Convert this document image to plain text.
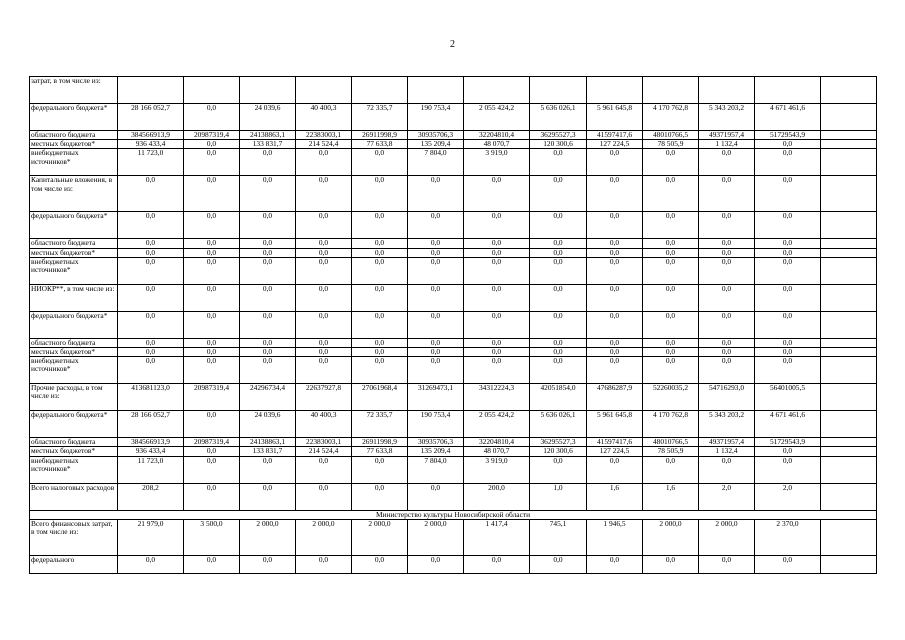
2
затрат, в том числе из:													
федерального бюджета*	28 166 052,7	0,0	24 039,6	40 400,3	72 335,7	190 753,4	2 055 424,2	5 636 026,1	5 961 645,8	4 170 762,8	5 343 203,2	4 671 461,6	
областного бюджета	384566913,9	20987319,4	24138863,1	22383003,1	26911998,9	30935706,3	32204810,4	36295527,3	41597417,6	48010766,5	49371957,4	51729543,9	
местных бюджетов*	936 433,4	0,0	133 831,7	214 524,4	77 633,8	135 209,4	48 070,7	120 300,6	127 224,5	78 505,9	1 132,4	0,0	
внебюджетных источников*	11 723,0	0,0	0,0	0,0	0,0	7 804,0	3 919,0	0,0	0,0	0,0	0,0	0,0	
Капитальные вложения, в том числе из:	0,0	0,0	0,0	0,0	0,0	0,0	0,0	0,0	0,0	0,0	0,0	0,0	
федерального бюджета*	0,0	0,0	0,0	0,0	0,0	0,0	0,0	0,0	0,0	0,0	0,0	0,0	
областного бюджета	0,0	0,0	0,0	0,0	0,0	0,0	0,0	0,0	0,0	0,0	0,0	0,0	
местных бюджетов*	0,0	0,0	0,0	0,0	0,0	0,0	0,0	0,0	0,0	0,0	0,0	0,0	
внебюджетных источников*	0,0	0,0	0,0	0,0	0,0	0,0	0,0	0,0	0,0	0,0	0,0	0,0	
НИОКР**, в том числе из:	0,0	0,0	0,0	0,0	0,0	0,0	0,0	0,0	0,0	0,0	0,0	0,0	
федерального бюджета*	0,0	0,0	0,0	0,0	0,0	0,0	0,0	0,0	0,0	0,0	0,0	0,0	
областного бюджета	0,0	0,0	0,0	0,0	0,0	0,0	0,0	0,0	0,0	0,0	0,0	0,0	
местных бюджетов*	0,0	0,0	0,0	0,0	0,0	0,0	0,0	0,0	0,0	0,0	0,0	0,0	
внебюджетных источников*	0,0	0,0	0,0	0,0	0,0	0,0	0,0	0,0	0,0	0,0	0,0	0,0	
Прочие расходы, в том числе из:	413681123,0	20987319,4	24296734,4	22637927,8	27061968,4	31269473,1	34312224,3	42051854,0	47686287,9	52260035,2	54716293,0	56401005,5	
федерального бюджета*	28 166 052,7	0,0	24 039,6	40 400,3	72 335,7	190 753,4	2 055 424,2	5 636 026,1	5 961 645,8	4 170 762,8	5 343 203,2	4 671 461,6	
областного бюджета	384566913,9	20987319,4	24138863,1	22383003,1	26911998,9	30935706,3	32204810,4	36295527,3	41597417,6	48010766,5	49371957,4	51729543,9	
местных бюджетов*	936 433,4	0,0	133 831,7	214 524,4	77 633,8	135 209,4	48 070,7	120 300,6	127 224,5	78 505,9	1 132,4	0,0	
внебюджетных источников*	11 723,0	0,0	0,0	0,0	0,0	7 804,0	3 919,0	0,0	0,0	0,0	0,0	0,0	
Всего налоговых расходов	208,2	0,0	0,0	0,0	0,0	0,0	200,0	1,0	1,6	1,6	2,0	2,0	
Министерство культуры Новосибирской области													
Всего финансовых затрат, в том числе из:	21 979,0	3 500,0	2 000,0	2 000,0	2 000,0	2 000,0	1 417,4	745,1	1 946,5	2 000,0	2 000,0	2 370,0	
федерального	0,0	0,0	0,0	0,0	0,0	0,0	0,0	0,0	0,0	0,0	0,0	0,0	
